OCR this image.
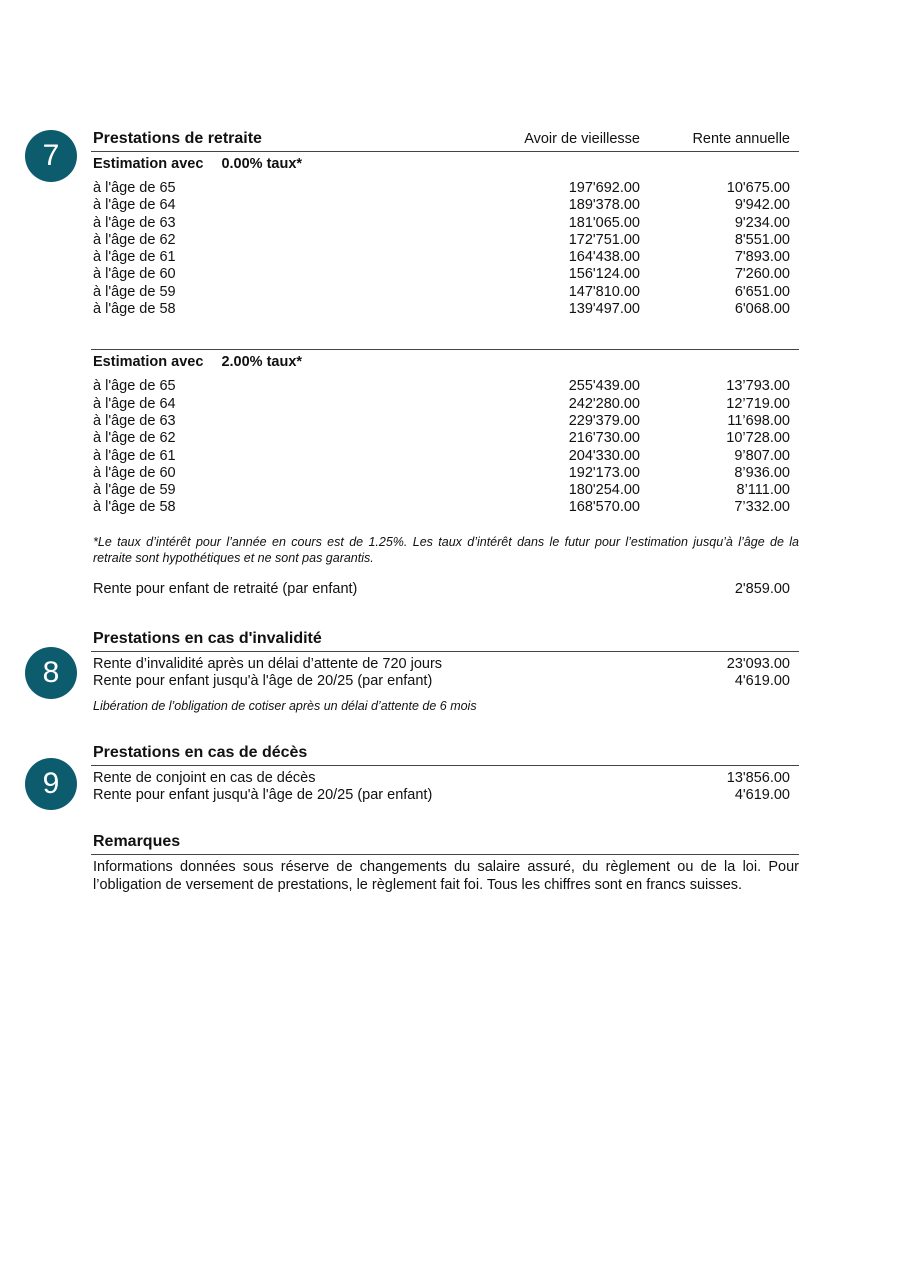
7
8
9
Prestations de retraite	Avoir de vieillesse	Rente annuelle
Estimation avec 0.00% taux*
à l'âge de 65	197'692.00	10'675.00
à l'âge de 64	189'378.00	9'942.00
à l'âge de 63	181'065.00	9'234.00
à l'âge de 62	172'751.00	8'551.00
à l'âge de 61	164'438.00	7'893.00
à l'âge de 60	156'124.00	7'260.00
à l'âge de 59	147'810.00	6'651.00
à l'âge de 58	139'497.00	6'068.00
Estimation avec 2.00% taux*
à l'âge de 65	255'439.00	13’793.00
à l'âge de 64	242'280.00	12’719.00
à l'âge de 63	229'379.00	11’698.00
à l'âge de 62	216'730.00	10’728.00
à l'âge de 61	204'330.00	9’807.00
à l'âge de 60	192'173.00	8’936.00
à l'âge de 59	180'254.00	8’111.00
à l'âge de 58	168'570.00	7’332.00
*Le taux d’intérêt pour l’année en cours est de 1.25%. Les taux d’intérêt dans le futur pour l’estimation jusqu’à l’âge de la retraite sont hypothétiques et ne sont pas garantis.
Rente pour enfant de retraité (par enfant)	2'859.00
Prestations en cas d'invalidité
Rente d’invalidité après un délai d’attente de 720 jours	23'093.00
Rente pour enfant jusqu'à l'âge de 20/25 (par enfant)	4'619.00
Libération de l’obligation de cotiser après un délai d’attente de 6 mois
Prestations en cas de décès
Rente de conjoint en cas de décès	13'856.00
Rente pour enfant jusqu'à l'âge de 20/25 (par enfant)	4'619.00
Remarques
Informations données sous réserve de changements du salaire assuré, du règlement ou de la loi. Pour l’obligation de versement de prestations, le règlement fait foi. Tous les chiffres sont en francs suisses.
